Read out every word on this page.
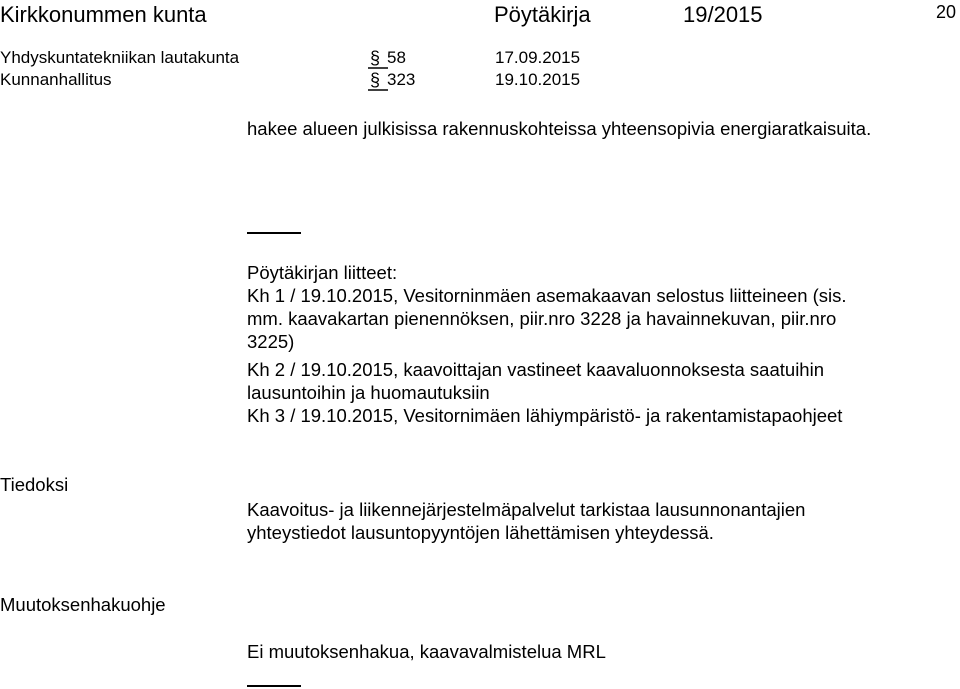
Kirkkonummen kunta	Pöytäkirja	19/2015	20
Yhdyskuntatekniikan lautakunta	§ 58	17.09.2015
Kunnanhallitus	§ 323	19.10.2015
hakee alueen julkisissa rakennuskohteissa yhteensopivia energiaratkaisuita.
Pöytäkirjan liitteet:
Kh 1 / 19.10.2015, Vesitorninmäen asemakaavan selostus liitteineen (sis.
mm. kaavakartan pienennöksen, piir.nro 3228 ja havainnekuvan, piir.nro
3225)
Kh 2 / 19.10.2015, kaavoittajan vastineet kaavaluonnoksesta saatuihin
lausuntoihin ja huomautuksiin
Kh 3 / 19.10.2015, Vesitornimäen lähiympäristö- ja rakentamistapaohjeet
Tiedoksi
Kaavoitus- ja liikennejärjestelmäpalvelut tarkistaa lausunnonantajien
yhteystiedot lausuntopyyntöjen lähettämisen yhteydessä.
Muutoksenhakuohje
Ei muutoksenhakua, kaavavalmistelua MRL
